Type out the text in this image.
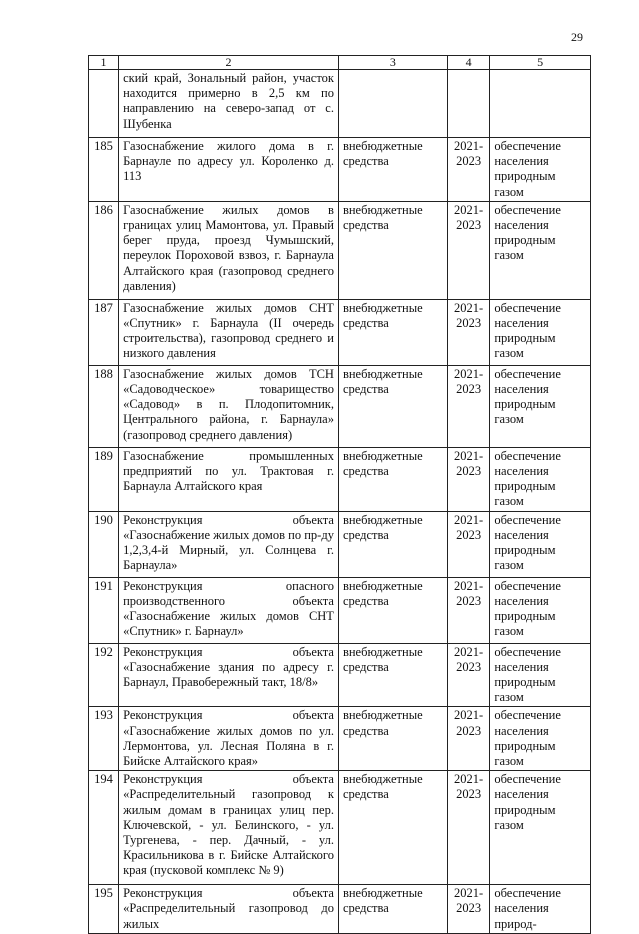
29
1	2	3	4	5

	ский край, Зональный район, участок находится примерно в 2,5 км по направлению на северо-запад от с. Шубенка			

185	Газоснабжение жилого дома в г. Барнауле по адресу ул. Короленко д. 113	внебюджетные средства	2021-2023	обеспечение населения природным газом

186	Газоснабжение жилых домов в границах улиц Мамонтова, ул. Правый берег пруда, проезд Чумышский, переулок Пороховой взвоз, г. Барнаула Алтайского края (газопровод среднего давления)	внебюджетные средства	2021-2023	обеспечение населения природным газом

187	Газоснабжение жилых домов СНТ «Спутник» г. Барнаула (II очередь строительства), газопровод среднего и низкого давления	внебюджетные средства	2021-2023	обеспечение населения природным газом

188	Газоснабжение жилых домов ТСН «Садоводческое» товарищество «Садовод» в п. Плодопитомник, Центрального района, г. Барнаула» (газопровод среднего давления)	внебюджетные средства	2021-2023	обеспечение населения природным газом

189	Газоснабжение промышленных предприятий по ул. Трактовая г. Барнаула Алтайского края	внебюджетные средства	2021-2023	обеспечение населения природным газом

190	Реконструкция объекта «Газоснабжение жилых домов по пр-ду 1,2,3,4-й Мирный, ул. Солнцева г. Барнаула»	внебюджетные средства	2021-2023	обеспечение населения природным газом

191	Реконструкция опасного производственного объекта «Газоснабжение жилых домов СНТ «Спутник» г. Барнаул»	внебюджетные средства	2021-2023	обеспечение населения природным газом

192	Реконструкция объекта «Газоснабжение здания по адресу г. Барнаул, Правобережный такт, 18/8»	внебюджетные средства	2021-2023	обеспечение населения природным газом

193	Реконструкция объекта «Газоснабжение жилых домов по ул. Лермонтова, ул. Лесная Поляна в г. Бийске Алтайского края»	внебюджетные средства	2021-2023	обеспечение населения природным газом

194	Реконструкция объекта «Распределительный газопровод к жилым домам в границах улиц пер. Ключевской, - ул. Белинского, - ул. Тургенева, - пер. Дачный, - ул. Красильникова в г. Бийске Алтайского края (пусковой комплекс № 9)	внебюджетные средства	2021-2023	обеспечение населения природным газом

195	Реконструкция объекта «Распределительный газопровод до жилых	внебюджетные средства	2021-2023	обеспечение населения природ-
